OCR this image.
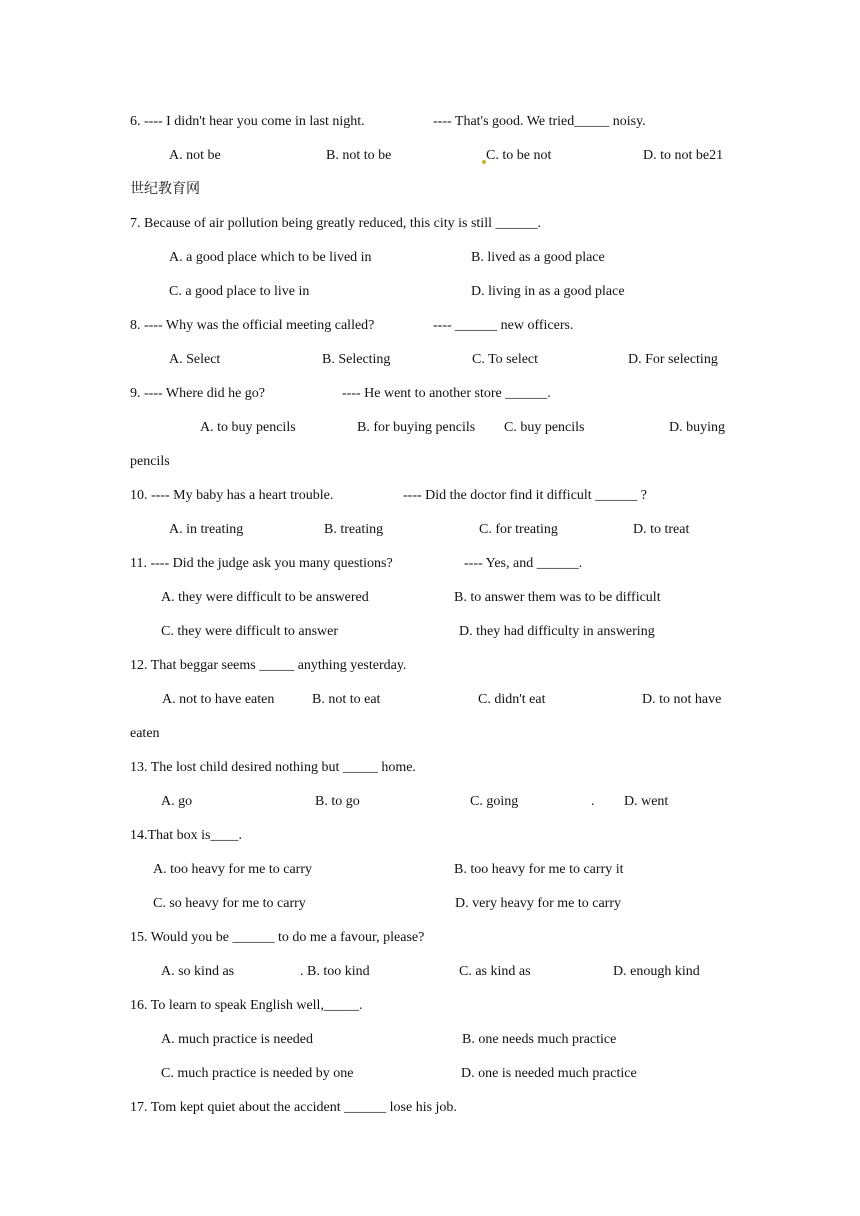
6. ---- I didn't hear you come in last night.	---- That's good. We tried_____ noisy.
A. not be	B. not to be	C. to be not	D. to not be21
世纪教育网
7. Because of air pollution being greatly reduced, this city is still ______.
A. a good place which to be lived in	B. lived as a good place
C. a good place to live in	D. living in as a good place
8. ---- Why was the official meeting called?	---- ______ new officers.
A. Select	B. Selecting	C. To select	D. For selecting
9. ---- Where did he go?	---- He went to another store ______.
A. to buy pencils	B. for buying pencils C. buy pencils	D. buying
pencils
10. ---- My baby has a heart trouble.	---- Did the doctor find it difficult ______ ?
A. in treating	B. treating	C. for treating	D. to treat
11. ---- Did the judge ask you many questions?	---- Yes, and ______.
A. they were difficult to be answered	B. to answer them was to be difficult
C. they were difficult to answer	D. they had difficulty in answering
12. That beggar seems _____ anything yesterday.
A. not to have eaten	B. not to eat	C. didn't eat	D. to not have
eaten
13. The lost child desired nothing but _____ home.
A. go	B. to go	C. going	. D. went
14.That box is____.
A. too heavy for me to carry	B. too heavy for me to carry it
C. so heavy for me to carry	D. very heavy for me to carry
15. Would you be ______ to do me a favour, please?
A. so kind as	. B. too kind	C. as kind as	D. enough kind
16. To learn to speak English well,_____.
A. much practice is needed	B. one needs much practice
C. much practice is needed by one	D. one is needed much practice
17. Tom kept quiet about the accident ______ lose his job.
